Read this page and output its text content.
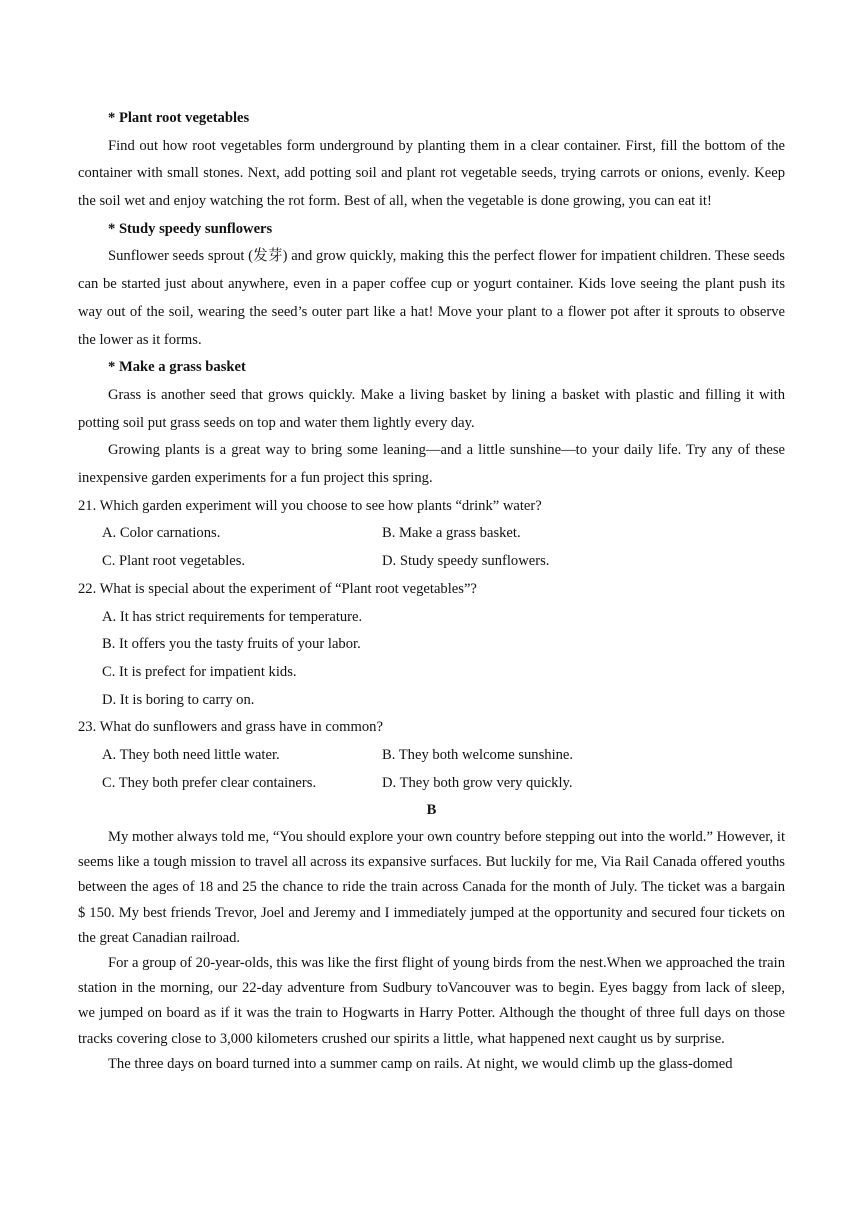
* Plant root vegetables

Find out how root vegetables form underground by planting them in a clear container. First, fill the bottom of the container with small stones. Next, add potting soil and plant rot vegetable seeds, trying carrots or onions, evenly. Keep the soil wet and enjoy watching the rot form. Best of all, when the vegetable is done growing, you can eat it!

* Study speedy sunflowers

Sunflower seeds sprout (发芽) and grow quickly, making this the perfect flower for impatient children. These seeds can be started just about anywhere, even in a paper coffee cup or yogurt container. Kids love seeing the plant push its way out of the soil, wearing the seed’s outer part like a hat! Move your plant to a flower pot after it sprouts to observe the lower as it forms.

* Make a grass basket

Grass is another seed that grows quickly. Make a living basket by lining a basket with plastic and filling it with potting soil put grass seeds on top and water them lightly every day.

Growing plants is a great way to bring some leaning—and a little sunshine—to your daily life. Try any of these inexpensive garden experiments for a fun project this spring.

21. Which garden experiment will you choose to see how plants “drink” water?
A. Color carnations.	B. Make a grass basket.
C. Plant root vegetables.	D. Study speedy sunflowers.
22. What is special about the experiment of “Plant root vegetables”?
A. It has strict requirements for temperature.
B. It offers you the tasty fruits of your labor.
C. It is prefect for impatient kids.
D. It is boring to carry on.
23. What do sunflowers and grass have in common?
A. They both need little water.	B. They both welcome sunshine.
C. They both prefer clear containers.	D. They both grow very quickly.
B

My mother always told me, “You should explore your own country before stepping out into the world.” However, it seems like a tough mission to travel all across its expansive surfaces. But luckily for me, Via Rail Canada offered youths between the ages of 18 and 25 the chance to ride the train across Canada for the month of July. The ticket was a bargain $ 150. My best friends Trevor, Joel and Jeremy and I immediately jumped at the opportunity and secured four tickets on the great Canadian railroad.

For a group of 20-year-olds, this was like the first flight of young birds from the nest.When we approached the train station in the morning, our 22-day adventure from Sudbury toVancouver was to begin. Eyes baggy from lack of sleep, we jumped on board as if it was the train to Hogwarts in Harry Potter. Although the thought of three full days on those tracks covering close to 3,000 kilometers crushed our spirits a little, what happened next caught us by surprise.

The three days on board turned into a summer camp on rails. At night, we would climb up the glass-domed
